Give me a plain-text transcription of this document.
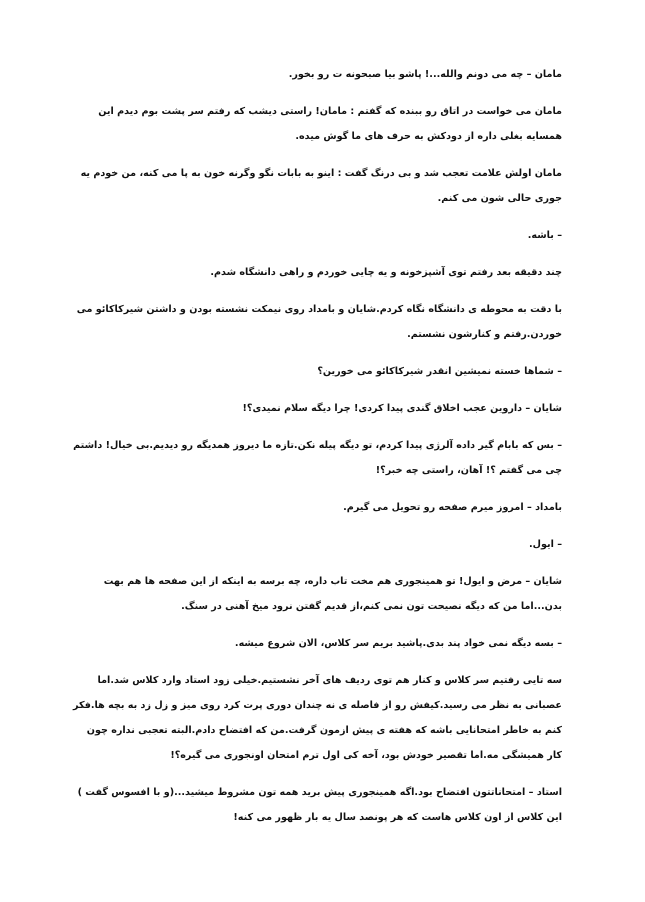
مامان – چه می دونم والله...! پاشو بیا صبحونه ت رو بخور.

مامان می خواست در اتاق رو ببنده که گفتم : مامان! راستی دیشب که رفتم سر پشت بوم دیدم این همسایه بغلی داره از دودکش به حرف های ما گوش میده.

مامان اولش علامت تعجب شد و بی درنگ گفت : اینو به بابات نگو وگرنه خون به پا می کنه، من خودم یه جوری حالی شون می کنم.

– باشه.

چند دقیقه بعد رفتم توی آشپزخونه و یه چایی خوردم و راهی دانشگاه شدم.

با دقت به محوطه ی دانشگاه نگاه کردم.شایان و بامداد روی نیمکت نشسته بودن و داشتن شیرکاکائو می خوردن.رفتم و کنارشون نشستم.

– شماها خسته نمیشین انقدر شیرکاکائو می خورین؟

شایان – داروین عجب اخلاق گندی پیدا کردی! چرا دیگه سلام نمیدی؟!

– بس که بابام گیر داده آلرژی پیدا کردم، تو دیگه پیله نکن.تازه ما دیروز همدیگه رو دیدیم.بی خیال! داشتم چی می گفتم ؟! آهان، راستی چه خبر؟!

بامداد – امروز میرم صفحه رو تحویل می گیرم.

– ایول.

شایان – مرض و ایول! تو همینجوری هم مخت تاب داره، چه برسه به اینکه از این صفحه ها هم بهت بدن...اما من که دیگه نصیحت تون نمی کنم،از قدیم گفتن نرود میخ آهنی در سنگ.

– بسه دیگه نمی خواد پند بدی.پاشید بریم سر کلاس، الان شروع میشه.

سه تایی رفتیم سر کلاس و کنار هم توی ردیف های آخر نشستیم.خیلی زود استاد وارد کلاس شد.اما عصبانی به نظر می رسید.کیفش رو از فاصله ی نه چندان دوری پرت کرد روی میز و زل زد به بچه ها.فکر کنم به خاطر امتحانایی باشه که هفته ی پیش ازمون گرفت.من که افتضاح دادم.البته تعجبی نداره چون کار همیشگی مه.اما تقصیر خودش بود، آخه کی اول ترم امتحان اونجوری می گیره؟!

استاد – امتحاناتتون افتضاح بود.اگه همینجوری پیش برید همه تون مشروط میشید...(و با افسوس گفت ) این کلاس از اون کلاس هاست که هر پونصد سال یه بار ظهور می کنه!
